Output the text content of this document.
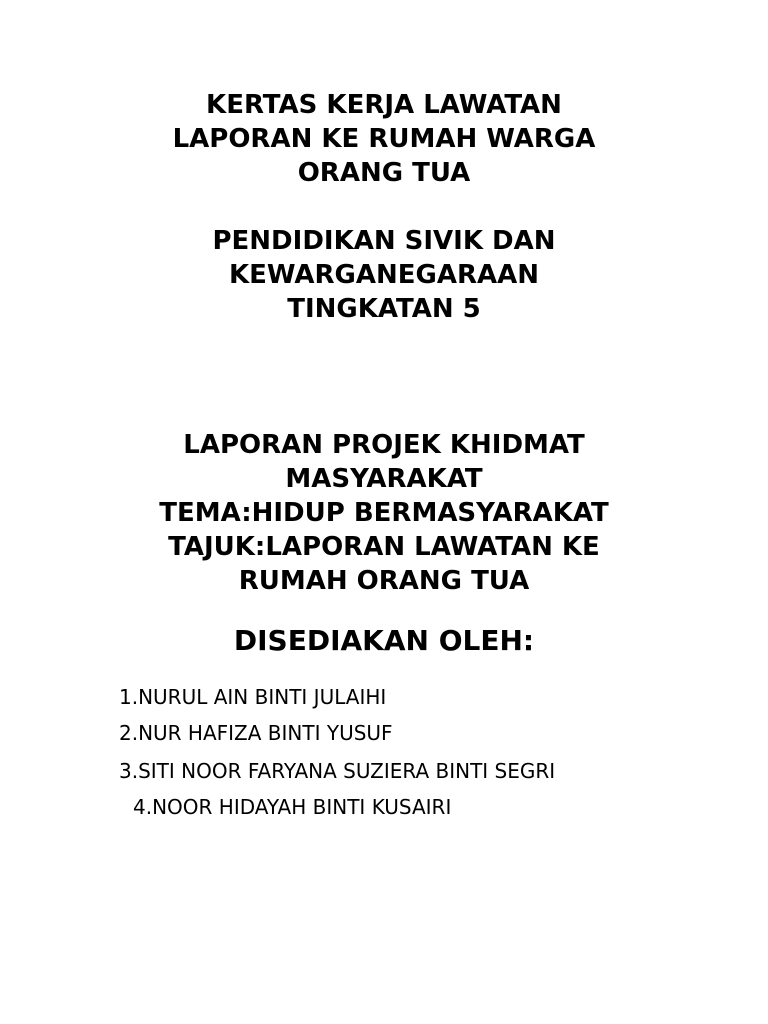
KERTAS KERJA LAWATAN
LAPORAN KE RUMAH WARGA
ORANG TUA
PENDIDIKAN SIVIK DAN
KEWARGANEGARAAN
TINGKATAN 5
LAPORAN PROJEK KHIDMAT
MASYARAKAT
TEMA:HIDUP BERMASYARAKAT
TAJUK:LAPORAN LAWATAN KE
RUMAH ORANG TUA
DISEDIAKAN OLEH:
1.NURUL AIN BINTI JULAIHI
2.NUR HAFIZA BINTI YUSUF
3.SITI NOOR FARYANA SUZIERA BINTI SEGRI
4.NOOR HIDAYAH BINTI KUSAIRI
